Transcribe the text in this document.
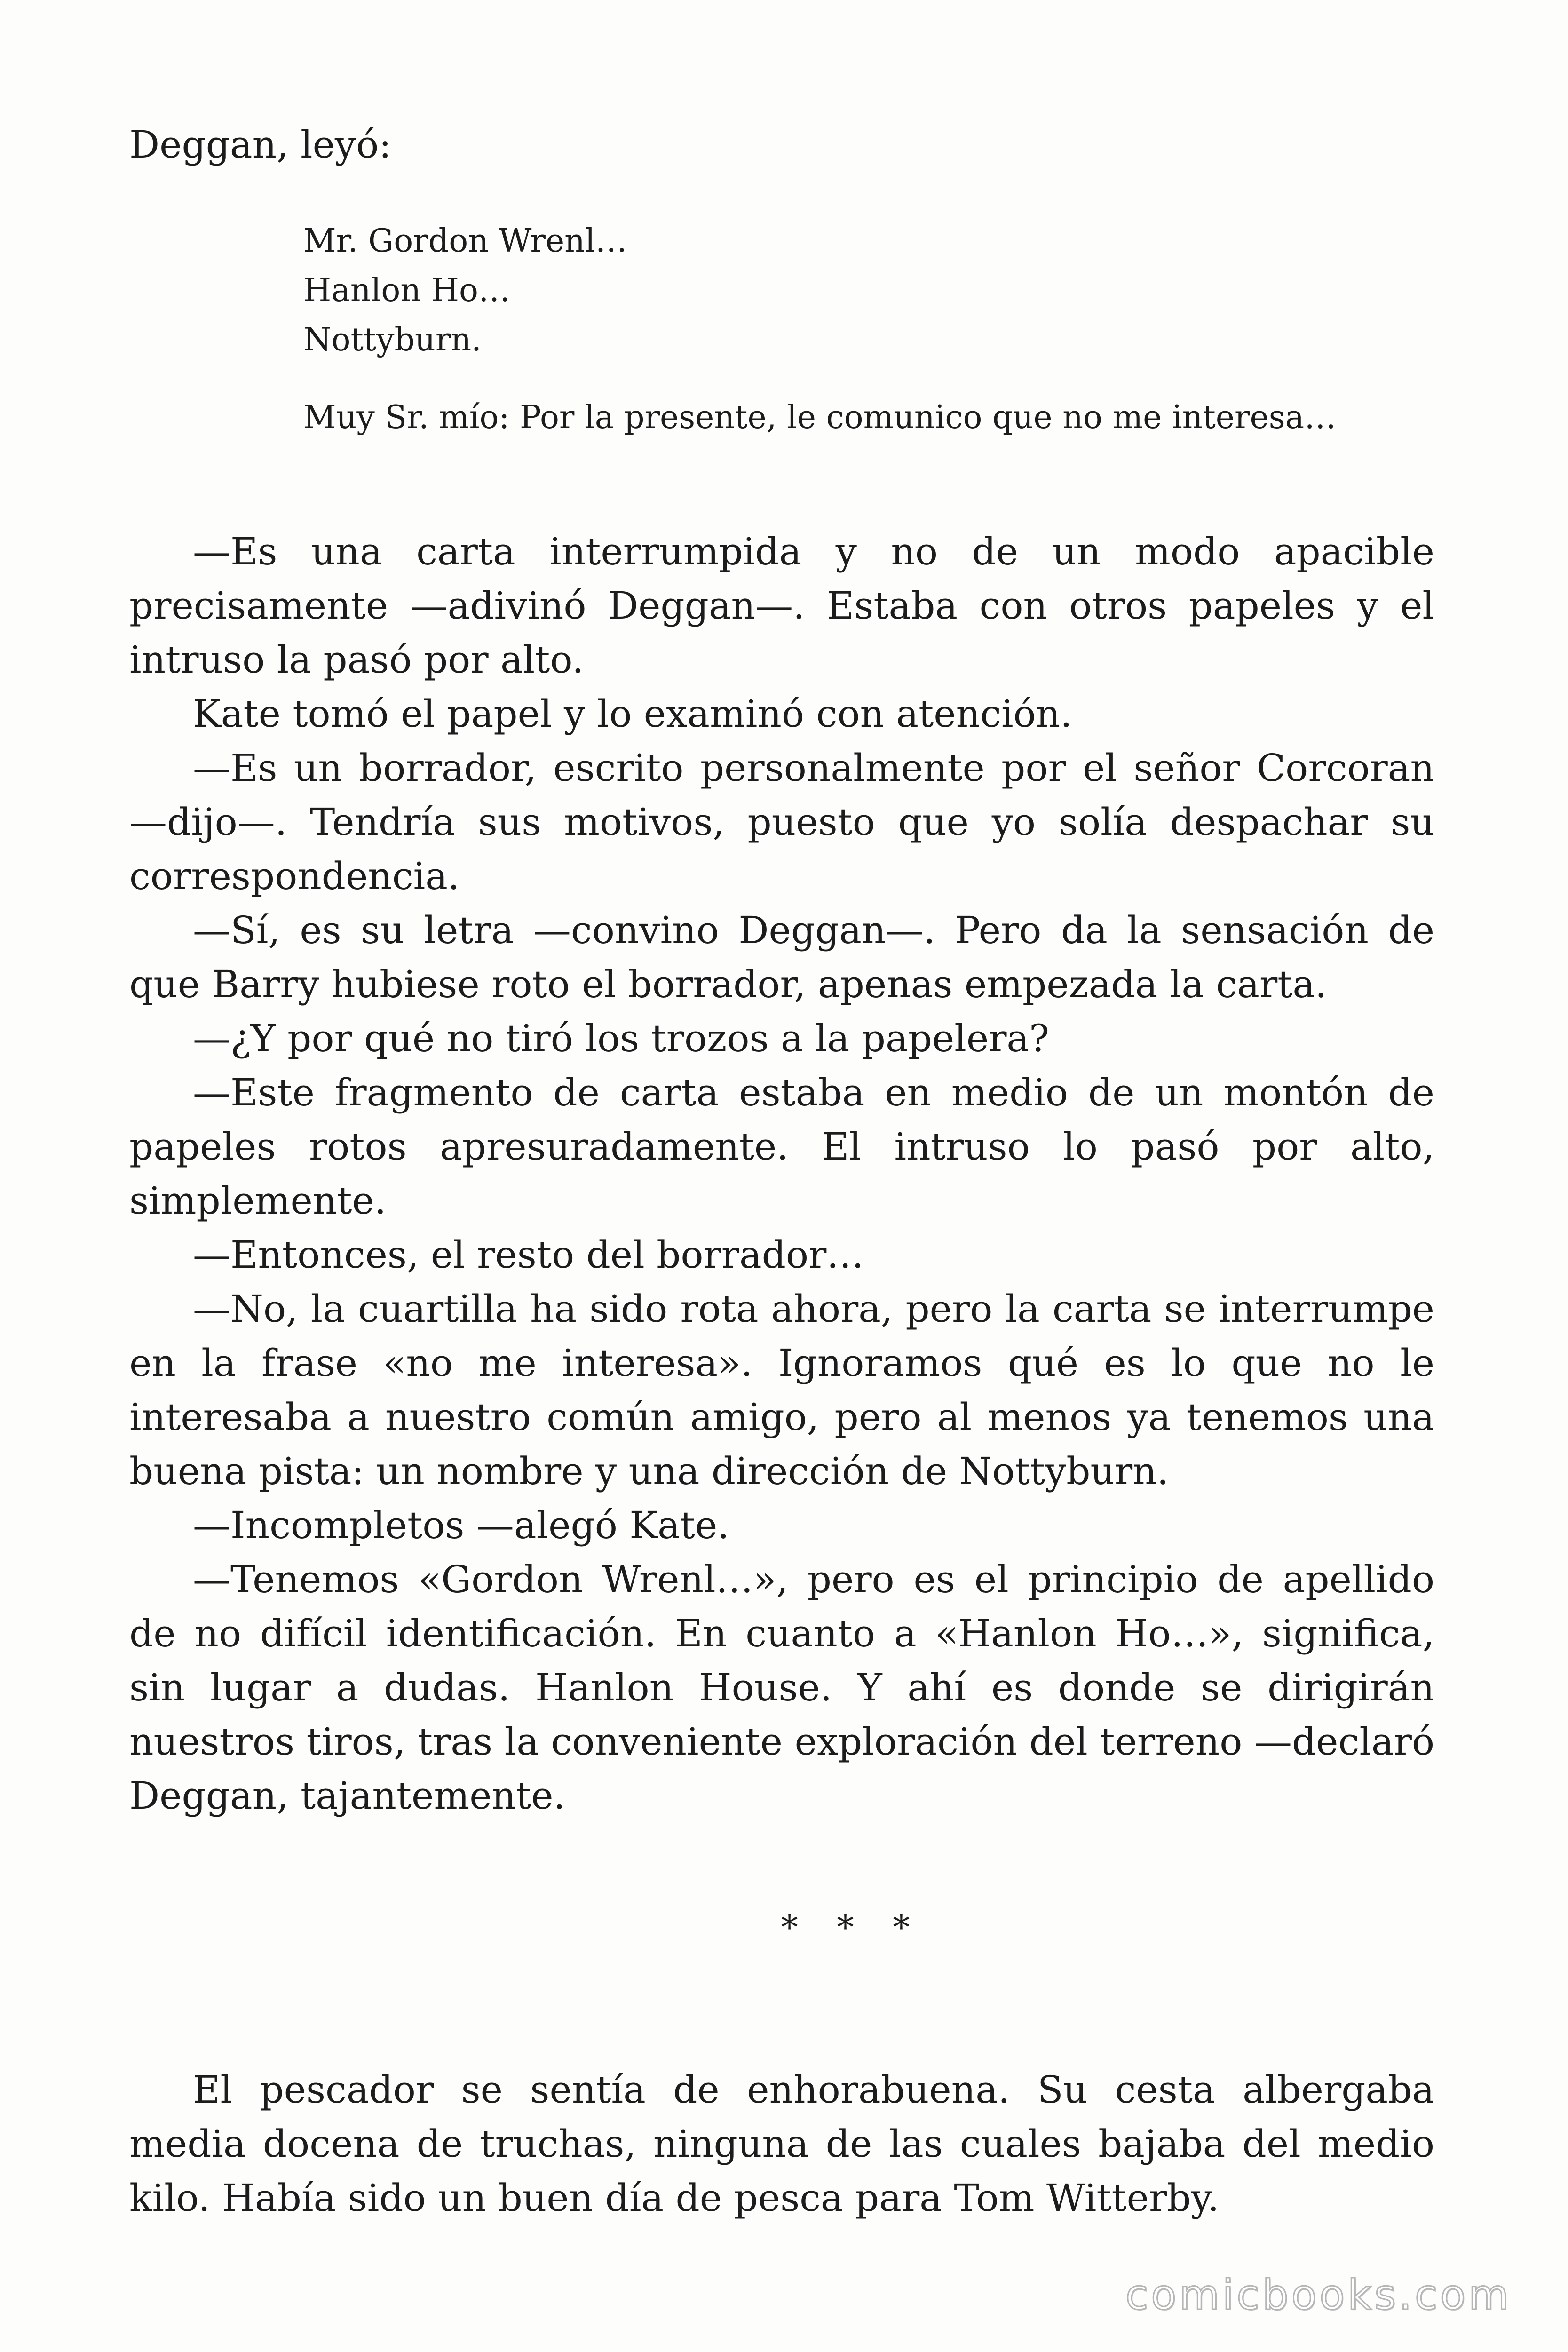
Deggan, leyó:

Mr. Gordon Wrenl…
Hanlon Ho…
Nottyburn.
Muy Sr. mío: Por la presente, le comunico que no me interesa…

—Es una carta interrumpida y no de un modo apacible precisamente —adivinó Deggan—. Estaba con otros papeles y el intruso la pasó por alto.

Kate tomó el papel y lo examinó con atención.

—Es un borrador, escrito personalmente por el señor Corcoran —dijo—. Tendría sus motivos, puesto que yo solía despachar su correspondencia.

—Sí, es su letra —convino Deggan—. Pero da la sensación de que Barry hubiese roto el borrador, apenas empezada la carta.

—¿Y por qué no tiró los trozos a la papelera?

—Este fragmento de carta estaba en medio de un montón de papeles rotos apresuradamente. El intruso lo pasó por alto, simplemente.

—Entonces, el resto del borrador…

—No, la cuartilla ha sido rota ahora, pero la carta se interrumpe en la frase «no me interesa». Ignoramos qué es lo que no le interesaba a nuestro común amigo, pero al menos ya tenemos una buena pista: un nombre y una dirección de Nottyburn.

—Incompletos —alegó Kate.

—Tenemos «Gordon Wrenl…», pero es el principio de apellido de no difícil identificación. En cuanto a «Hanlon Ho…», significa, sin lugar a dudas. Hanlon House. Y ahí es donde se dirigirán nuestros tiros, tras la conveniente exploración del terreno —declaró Deggan, tajantemente.

* * *

El pescador se sentía de enhorabuena. Su cesta albergaba media docena de truchas, ninguna de las cuales bajaba del medio kilo. Había sido un buen día de pesca para Tom Witterby.

comicbooks.com
